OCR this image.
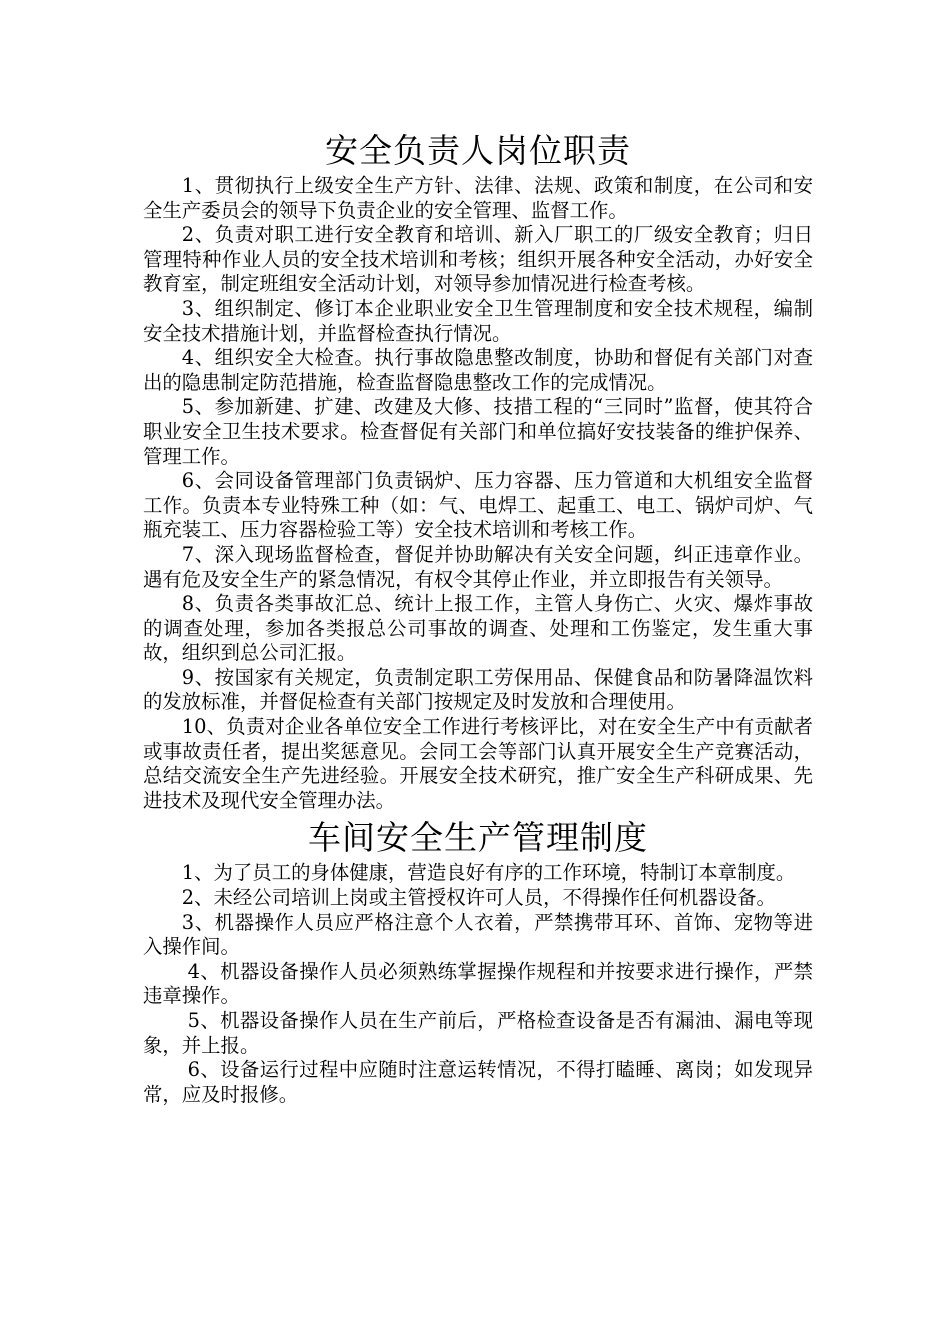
安全负责人岗位职责

1、贯彻执行上级安全生产方针、法律、法规、政策和制度，在公司和安全生产委员会的领导下负责企业的安全管理、监督工作。

2、负责对职工进行安全教育和培训、新入厂职工的厂级安全教育；归日管理特种作业人员的安全技术培训和考核；组织开展各种安全活动，办好安全教育室，制定班组安全活动计划，对领导参加情况进行检查考核。

3、组织制定、修订本企业职业安全卫生管理制度和安全技术规程，编制安全技术措施计划，并监督检查执行情况。

4、组织安全大检查。执行事故隐患整改制度，协助和督促有关部门对查出的隐患制定防范措施，检查监督隐患整改工作的完成情况。

5、参加新建、扩建、改建及大修、技措工程的“三同时”监督，使其符合职业安全卫生技术要求。检查督促有关部门和单位搞好安技装备的维护保养、管理工作。

6、会同设备管理部门负责锅炉、压力容器、压力管道和大机组安全监督工作。负责本专业特殊工种（如：气、电焊工、起重工、电工、锅炉司炉、气瓶充装工、压力容器检验工等）安全技术培训和考核工作。

7、深入现场监督检查，督促并协助解决有关安全问题，纠正违章作业。遇有危及安全生产的紧急情况，有权令其停止作业，并立即报告有关领导。

8、负责各类事故汇总、统计上报工作，主管人身伤亡、火灾、爆炸事故的调查处理，参加各类报总公司事故的调查、处理和工伤鉴定，发生重大事故，组织到总公司汇报。

9、按国家有关规定，负责制定职工劳保用品、保健食品和防暑降温饮料的发放标准，并督促检查有关部门按规定及时发放和合理使用。

10、负责对企业各单位安全工作进行考核评比，对在安全生产中有贡献者或事故责任者，提出奖惩意见。会同工会等部门认真开展安全生产竞赛活动，总结交流安全生产先进经验。开展安全技术研究，推广安全生产科研成果、先进技术及现代安全管理办法。

车间安全生产管理制度

1、为了员工的身体健康，营造良好有序的工作环境，特制订本章制度。

2、未经公司培训上岗或主管授权许可人员，不得操作任何机器设备。

3、机器操作人员应严格注意个人衣着，严禁携带耳环、首饰、宠物等进入操作间。

4、机器设备操作人员必须熟练掌握操作规程和并按要求进行操作，严禁违章操作。

5、机器设备操作人员在生产前后，严格检查设备是否有漏油、漏电等现象，并上报。

6、设备运行过程中应随时注意运转情况，不得打瞌睡、离岗；如发现异常，应及时报修。
